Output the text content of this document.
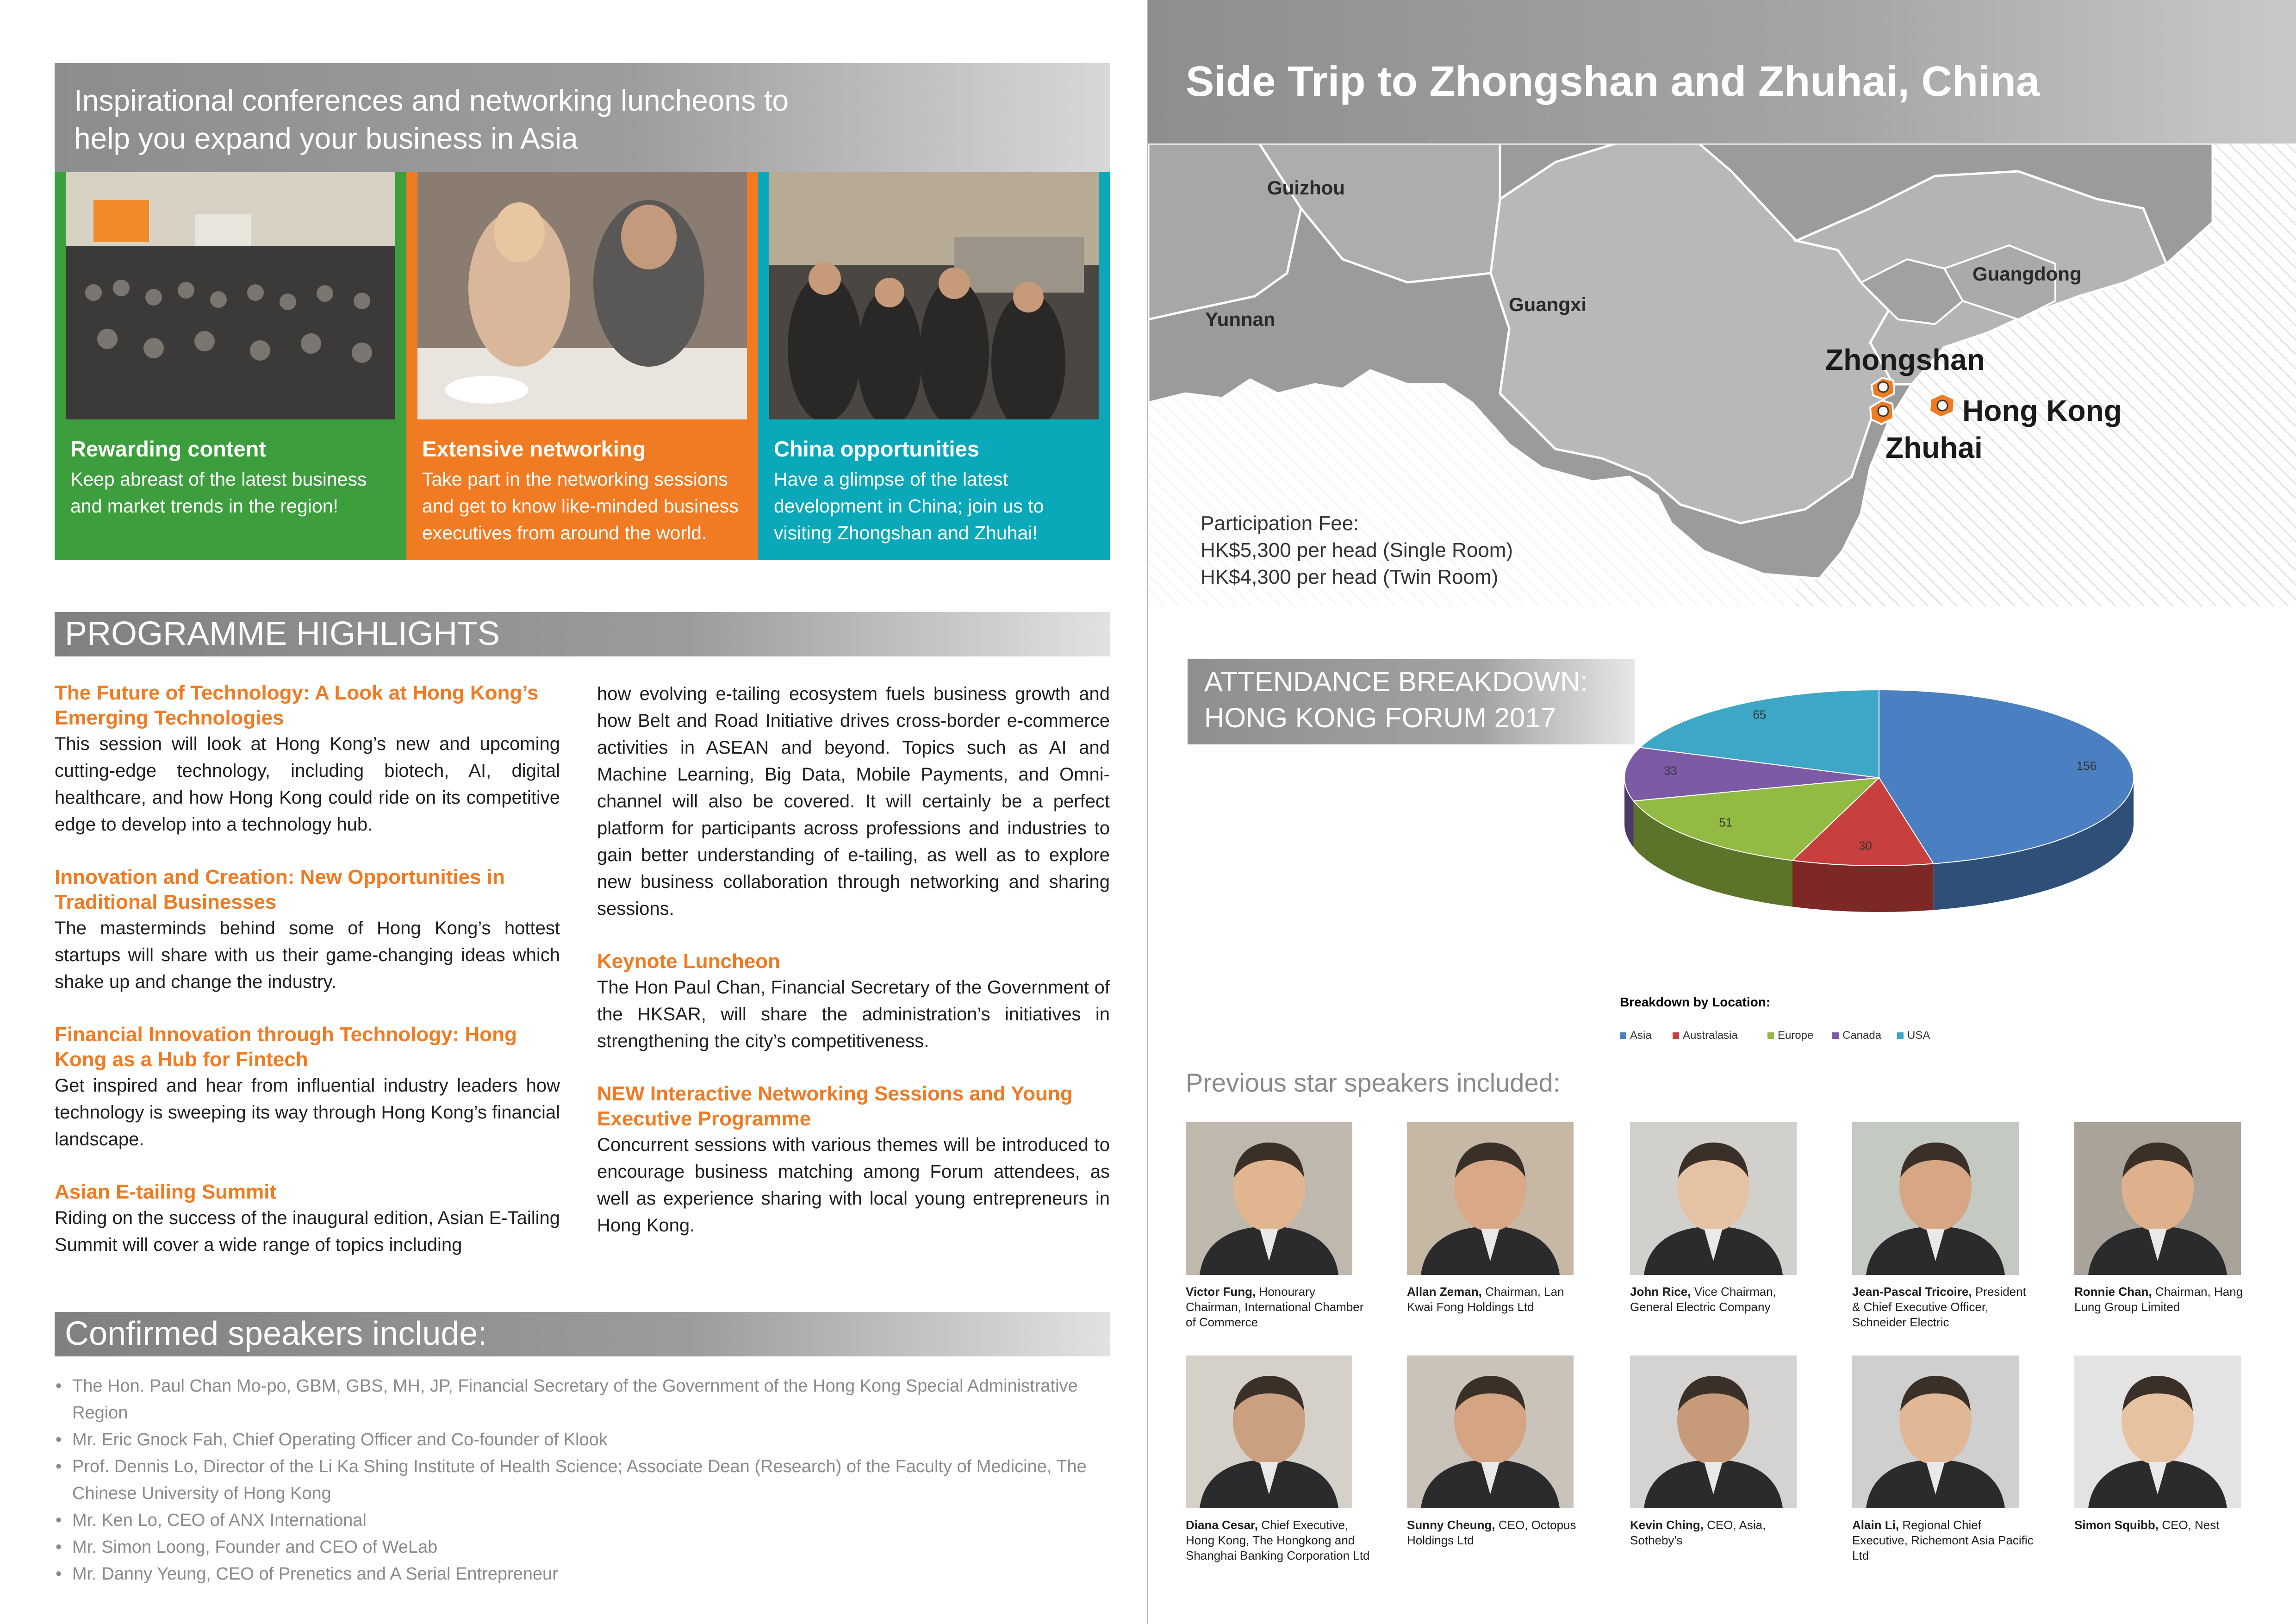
Inspirational conferences and networking luncheons to
help you expand your business in Asia
Rewarding content
Keep abreast of the latest business
and market trends in the region!
Extensive networking
Take part in the networking sessions
and get to know like-minded business
executives from around the world.
China opportunities
Have a glimpse of the latest
development in China; join us to
visiting Zhongshan and Zhuhai!
PROGRAMME HIGHLIGHTS
The Future of Technology: A Look at Hong Kong’s Emerging Technologies
This session will look at Hong Kong’s new and upcoming cutting-edge technology, including biotech, AI, digital healthcare, and how Hong Kong could ride on its competitive edge to develop into a technology hub.
Innovation and Creation: New Opportunities in Traditional Businesses
The masterminds behind some of Hong Kong’s hottest startups will share with us their game-changing ideas which shake up and change the industry.
Financial Innovation through Technology: Hong Kong as a Hub for Fintech
Get inspired and hear from influential industry leaders how technology is sweeping its way through Hong Kong’s financial landscape.
Asian E-tailing Summit
Riding on the success of the inaugural edition, Asian E-Tailing Summit will cover a wide range of topics including
how evolving e-tailing ecosystem fuels business growth and how Belt and Road Initiative drives cross-border e-commerce activities in ASEAN and beyond. Topics such as AI and Machine Learning, Big Data, Mobile Payments, and Omni-channel will also be covered. It will certainly be a perfect platform for participants across professions and industries to gain better understanding of e-tailing, as well as to explore new business collaboration through networking and sharing sessions.
Keynote Luncheon
The Hon Paul Chan, Financial Secretary of the Government of the HKSAR, will share the administration’s initiatives in strengthening the city’s competitiveness.
NEW Interactive Networking Sessions and Young Executive Programme
Concurrent sessions with various themes will be introduced to encourage business matching among Forum attendees, as well as experience sharing with local young entrepreneurs in Hong Kong.
Confirmed speakers include:
• The Hon. Paul Chan Mo-po, GBM, GBS, MH, JP, Financial Secretary of the Government of the Hong Kong Special Administrative Region
• Mr. Eric Gnock Fah, Chief Operating Officer and Co-founder of Klook
• Prof. Dennis Lo, Director of the Li Ka Shing Institute of Health Science; Associate Dean (Research) of the Faculty of Medicine, The Chinese University of Hong Kong
• Mr. Ken Lo, CEO of ANX International
• Mr. Simon Loong, Founder and CEO of WeLab
• Mr. Danny Yeung, CEO of Prenetics and A Serial Entrepreneur
Side Trip to Zhongshan and Zhuhai, China
Guizhou
Yunnan
Guangxi
Guangdong
Zhongshan
Hong Kong
Zhuhai
Participation Fee:
HK$5,300 per head (Single Room)
HK$4,300 per head (Twin Room)
ATTENDANCE BREAKDOWN:
HONG KONG FORUM 2017
156
30
51
33
65
Breakdown by Location:
Asia	Australasia	Europe	Canada USA
Previous star speakers included:
Victor Fung, Honourary Chairman, International Chamber of Commerce
Allan Zeman, Chairman, Lan Kwai Fong Holdings Ltd
John Rice, Vice Chairman, General Electric Company
Jean-Pascal Tricoire, President & Chief Executive Officer, Schneider Electric
Ronnie Chan, Chairman, Hang Lung Group Limited
Diana Cesar, Chief Executive, Hong Kong, The Hongkong and Shanghai Banking Corporation Ltd
Sunny Cheung, CEO, Octopus Holdings Ltd
Kevin Ching, CEO, Asia, Sotheby's
Alain Li, Regional Chief Executive, Richemont Asia Pacific Ltd
Simon Squibb, CEO, Nest
